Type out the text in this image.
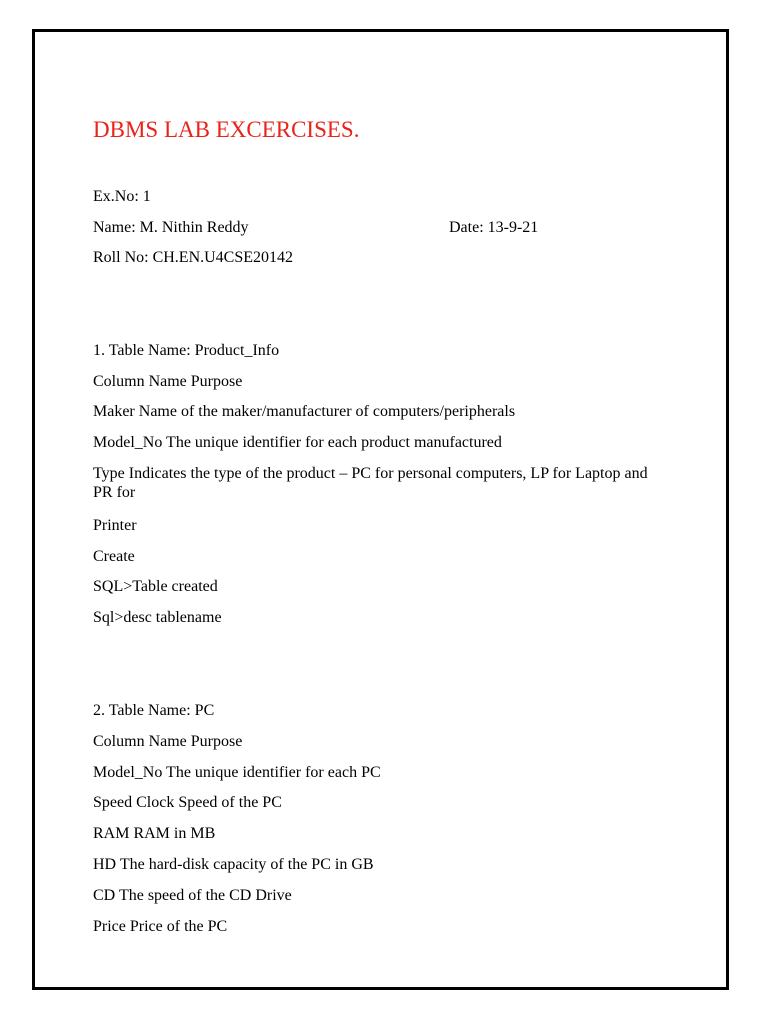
DBMS LAB EXCERCISES.
Ex.No: 1
Name: M. Nithin Reddy	Date: 13-9-21
Roll No: CH.EN.U4CSE20142
1. Table Name: Product_Info
Column Name Purpose
Maker Name of the maker/manufacturer of computers/peripherals
Model_No The unique identifier for each product manufactured
Type Indicates the type of the product – PC for personal computers, LP for Laptop and PR for
Printer
Create
SQL>Table created
Sql>desc tablename
2. Table Name: PC
Column Name Purpose
Model_No The unique identifier for each PC
Speed Clock Speed of the PC
RAM RAM in MB
HD The hard-disk capacity of the PC in GB
CD The speed of the CD Drive
Price Price of the PC
